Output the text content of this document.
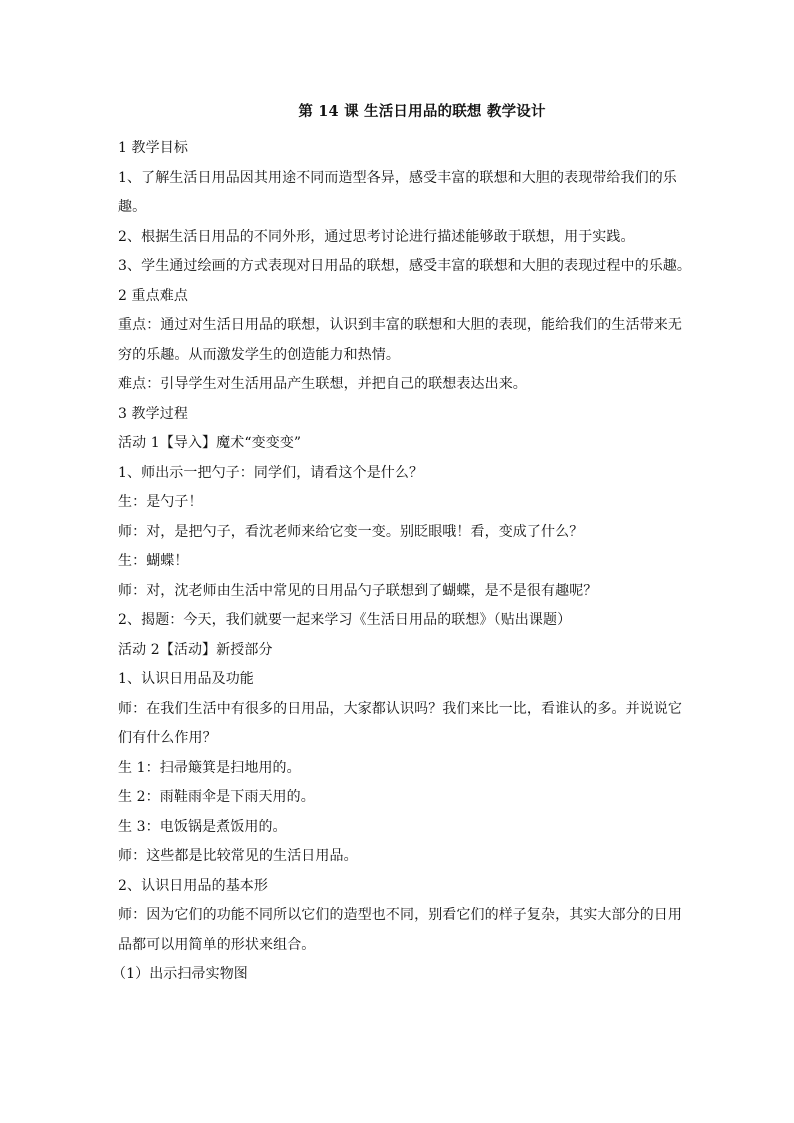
第 14 课 生活日用品的联想 教学设计

1 教学目标

1、了解生活日用品因其用途不同而造型各异，感受丰富的联想和大胆的表现带给我们的乐

趣。

2、根据生活日用品的不同外形，通过思考讨论进行描述能够敢于联想，用于实践。

3、学生通过绘画的方式表现对日用品的联想，感受丰富的联想和大胆的表现过程中的乐趣。

2 重点难点

重点：通过对生活日用品的联想，认识到丰富的联想和大胆的表现，能给我们的生活带来无

穷的乐趣。从而激发学生的创造能力和热情。

难点：引导学生对生活用品产生联想，并把自己的联想表达出来。

3 教学过程

活动 1【导入】魔术“变变变”

1、师出示一把勺子：同学们，请看这个是什么？

生：是勺子！

师：对，是把勺子，看沈老师来给它变一变。别眨眼哦！看，变成了什么？

生：蝴蝶！

师：对，沈老师由生活中常见的日用品勺子联想到了蝴蝶，是不是很有趣呢？

2、揭题：今天，我们就要一起来学习《生活日用品的联想》（贴出课题）

活动 2【活动】新授部分

1、认识日用品及功能

师：在我们生活中有很多的日用品，大家都认识吗？我们来比一比，看谁认的多。并说说它

们有什么作用？

生 1：扫帚簸箕是扫地用的。

生 2：雨鞋雨伞是下雨天用的。

生 3：电饭锅是煮饭用的。

师：这些都是比较常见的生活日用品。

2、认识日用品的基本形

师：因为它们的功能不同所以它们的造型也不同，别看它们的样子复杂，其实大部分的日用

品都可以用简单的形状来组合。

（1）出示扫帚实物图
